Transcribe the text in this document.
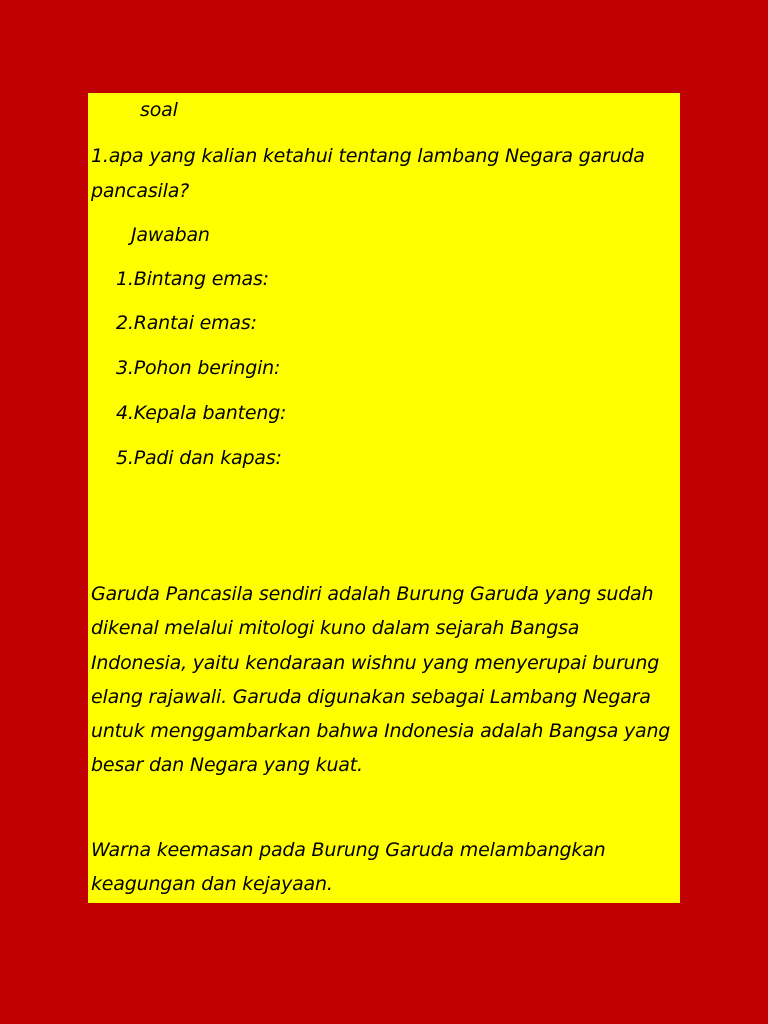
soal
1.apa yang kalian ketahui tentang lambang Negara garuda pancasila?
Jawaban
1.Bintang emas:
2.Rantai emas:
3.Pohon beringin:
4.Kepala banteng:
5.Padi dan kapas:
Garuda Pancasila sendiri adalah Burung Garuda yang sudah dikenal melalui mitologi kuno dalam sejarah Bangsa Indonesia, yaitu kendaraan wishnu yang menyerupai burung elang rajawali. Garuda digunakan sebagai Lambang Negara untuk menggambarkan bahwa Indonesia adalah Bangsa yang besar dan Negara yang kuat.
Warna keemasan pada Burung Garuda melambangkan keagungan dan kejayaan.
